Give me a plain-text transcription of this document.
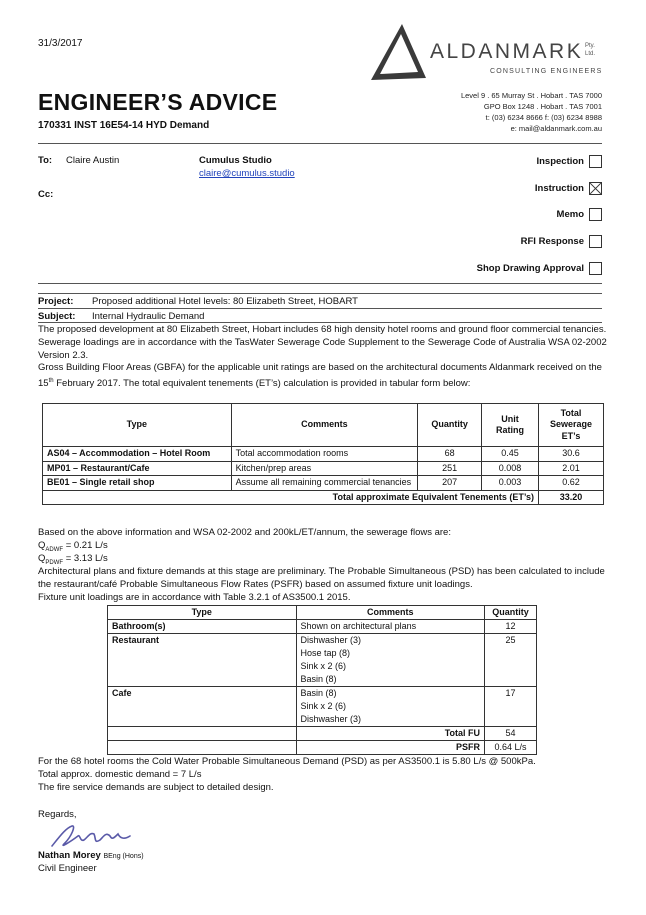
31/3/2017	ALDANMARK Pty.
Ltd.
CONSULTING ENGINEERS
Level 9 . 65 Murray St . Hobart . TAS 7000
GPO Box 1248 . Hobart . TAS 7001
t: (03) 6234 8666 f: (03) 6234 8988
e: mail@aldanmark.com.au
ENGINEER’S ADVICE
170331 INST 16E54-14 HYD Demand
To: Claire Austin	Cumulus Studio
claire@cumulus.studio
Cc:
Inspection
Instruction
Memo
RFI Response
Shop Drawing Approval
Project: Proposed additional Hotel levels: 80 Elizabeth Street, HOBART
Subject: Internal Hydraulic Demand
The proposed development at 80 Elizabeth Street, Hobart includes 68 high density hotel rooms and ground floor commercial tenancies. Sewerage loadings are in accordance with the TasWater Sewerage Code Supplement to the Sewerage Code of Australia WSA 02-2002 Version 2.3.
Gross Building Floor Areas (GBFA) for the applicable unit ratings are based on the architectural documents Aldanmark received on the 15th February 2017. The total equivalent tenements (ET’s) calculation is provided in tabular form below:
Type	Comments	Quantity	Unit Rating	Total Sewerage ET’s
AS04 – Accommodation – Hotel Room	Total accommodation rooms	68	0.45	30.6
MP01 – Restaurant/Cafe	Kitchen/prep areas	251	0.008	2.01
BE01 – Single retail shop	Assume all remaining commercial tenancies	207	0.003	0.62
Total approximate Equivalent Tenements (ET’s)				33.20
Based on the above information and WSA 02-2002 and 200kL/ET/annum, the sewerage flows are:
$Q_{ADWF} = 0.21$ L/s
$Q_{PDWF} = 3.13$ L/s
Architectural plans and fixture demands at this stage are preliminary. The Probable Simultaneous (PSD) has been calculated to include the restaurant/café Probable Simultaneous Flow Rates (PSFR) based on assumed fixture unit loadings.
Fixture unit loadings are in accordance with Table 3.2.1 of AS3500.1 2015.
Type	Comments	Quantity
Bathroom(s)	Shown on architectural plans	12
Restaurant	Dishwasher (3)
Hose tap (8)
Sink x 2 (6)
Basin (8)	25
Cafe	Basin (8)
Sink x 2 (6)
Dishwasher (3)	17
	Total FU	54
	PSFR	0.64 L/s
For the 68 hotel rooms the Cold Water Probable Simultaneous Demand (PSD) as per AS3500.1 is 5.80 L/s @ 500kPa.
Total approx. domestic demand = 7 L/s
The fire service demands are subject to detailed design.
Regards,
Nathan Morey BEng (Hons)
Civil Engineer
